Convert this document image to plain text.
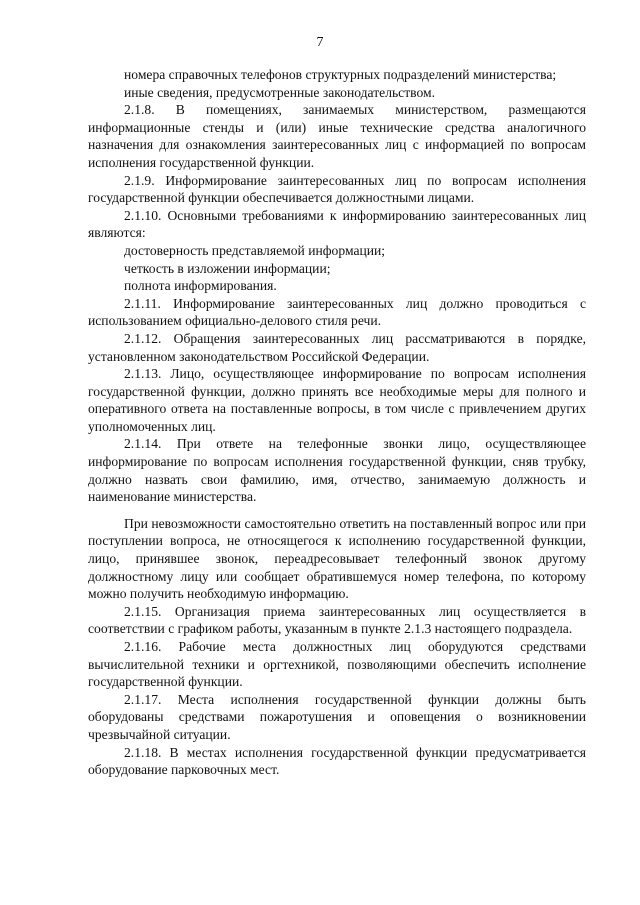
7

номера справочных телефонов структурных подразделений министерства;

иные сведения, предусмотренные законодательством.

2.1.8. В помещениях, занимаемых министерством, размещаются информационные стенды и (или) иные технические средства аналогичного назначения для ознакомления заинтересованных лиц с информацией по вопросам исполнения государственной функции.

2.1.9. Информирование заинтересованных лиц по вопросам исполнения государственной функции обеспечивается должностными лицами.

2.1.10. Основными требованиями к информированию заинтересованных лиц являются:

достоверность представляемой информации;

четкость в изложении информации;

полнота информирования.

2.1.11. Информирование заинтересованных лиц должно проводиться с использованием официально-делового стиля речи.

2.1.12. Обращения заинтересованных лиц рассматриваются в порядке, установленном законодательством Российской Федерации.

2.1.13. Лицо, осуществляющее информирование по вопросам исполнения государственной функции, должно принять все необходимые меры для полного и оперативного ответа на поставленные вопросы, в том числе с привлечением других уполномоченных лиц.

2.1.14. При ответе на телефонные звонки лицо, осуществляющее информирование по вопросам исполнения государственной функции, сняв трубку, должно назвать свои фамилию, имя, отчество, занимаемую должность и наименование министерства.

При невозможности самостоятельно ответить на поставленный вопрос или при поступлении вопроса, не относящегося к исполнению государственной функции, лицо, принявшее звонок, переадресовывает телефонный звонок другому должностному лицу или сообщает обратившемуся номер телефона, по которому можно получить необходимую информацию.

2.1.15. Организация приема заинтересованных лиц осуществляется в соответствии с графиком работы, указанным в пункте 2.1.3 настоящего подраздела.

2.1.16. Рабочие места должностных лиц оборудуются средствами вычислительной техники и оргтехникой, позволяющими обеспечить исполнение государственной функции.

2.1.17. Места исполнения государственной функции должны быть оборудованы средствами пожаротушения и оповещения о возникновении чрезвычайной ситуации.

2.1.18. В местах исполнения государственной функции предусматривается оборудование парковочных мест.
